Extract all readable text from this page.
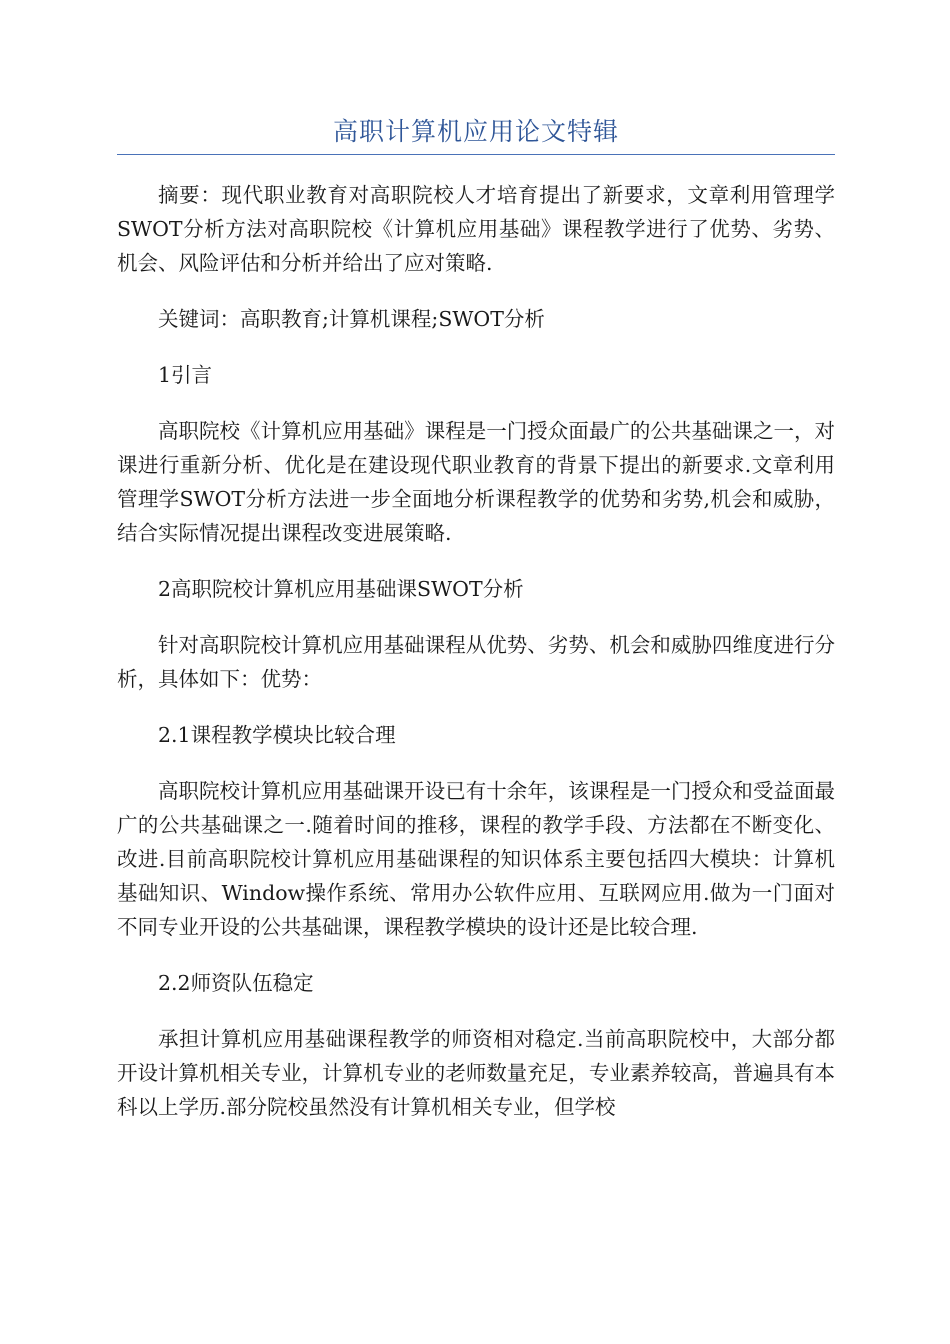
高职计算机应用论文特辑

摘要：现代职业教育对高职院校人才培育提出了新要求，文章利用管理学SWOT分析方法对高职院校《计算机应用基础》课程教学进行了优势、劣势、机会、风险评估和分析并给出了应对策略.

关键词：高职教育;计算机课程;SWOT分析

1引言

高职院校《计算机应用基础》课程是一门授众面最广的公共基础课之一，对课进行重新分析、优化是在建设现代职业教育的背景下提出的新要求.文章利用管理学SWOT分析方法进一步全面地分析课程教学的优势和劣势,机会和威胁，结合实际情况提出课程改变进展策略.

2高职院校计算机应用基础课SWOT分析

针对高职院校计算机应用基础课程从优势、劣势、机会和威胁四维度进行分析，具体如下：优势：

2.1课程教学模块比较合理

高职院校计算机应用基础课开设已有十余年，该课程是一门授众和受益面最广的公共基础课之一.随着时间的推移，课程的教学手段、方法都在不断变化、改进.目前高职院校计算机应用基础课程的知识体系主要包括四大模块：计算机基础知识、Window操作系统、常用办公软件应用、互联网应用.做为一门面对不同专业开设的公共基础课，课程教学模块的设计还是比较合理.

2.2师资队伍稳定

承担计算机应用基础课程教学的师资相对稳定.当前高职院校中，大部分都开设计算机相关专业，计算机专业的老师数量充足，专业素养较高，普遍具有本科以上学历.部分院校虽然没有计算机相关专业，但学校
